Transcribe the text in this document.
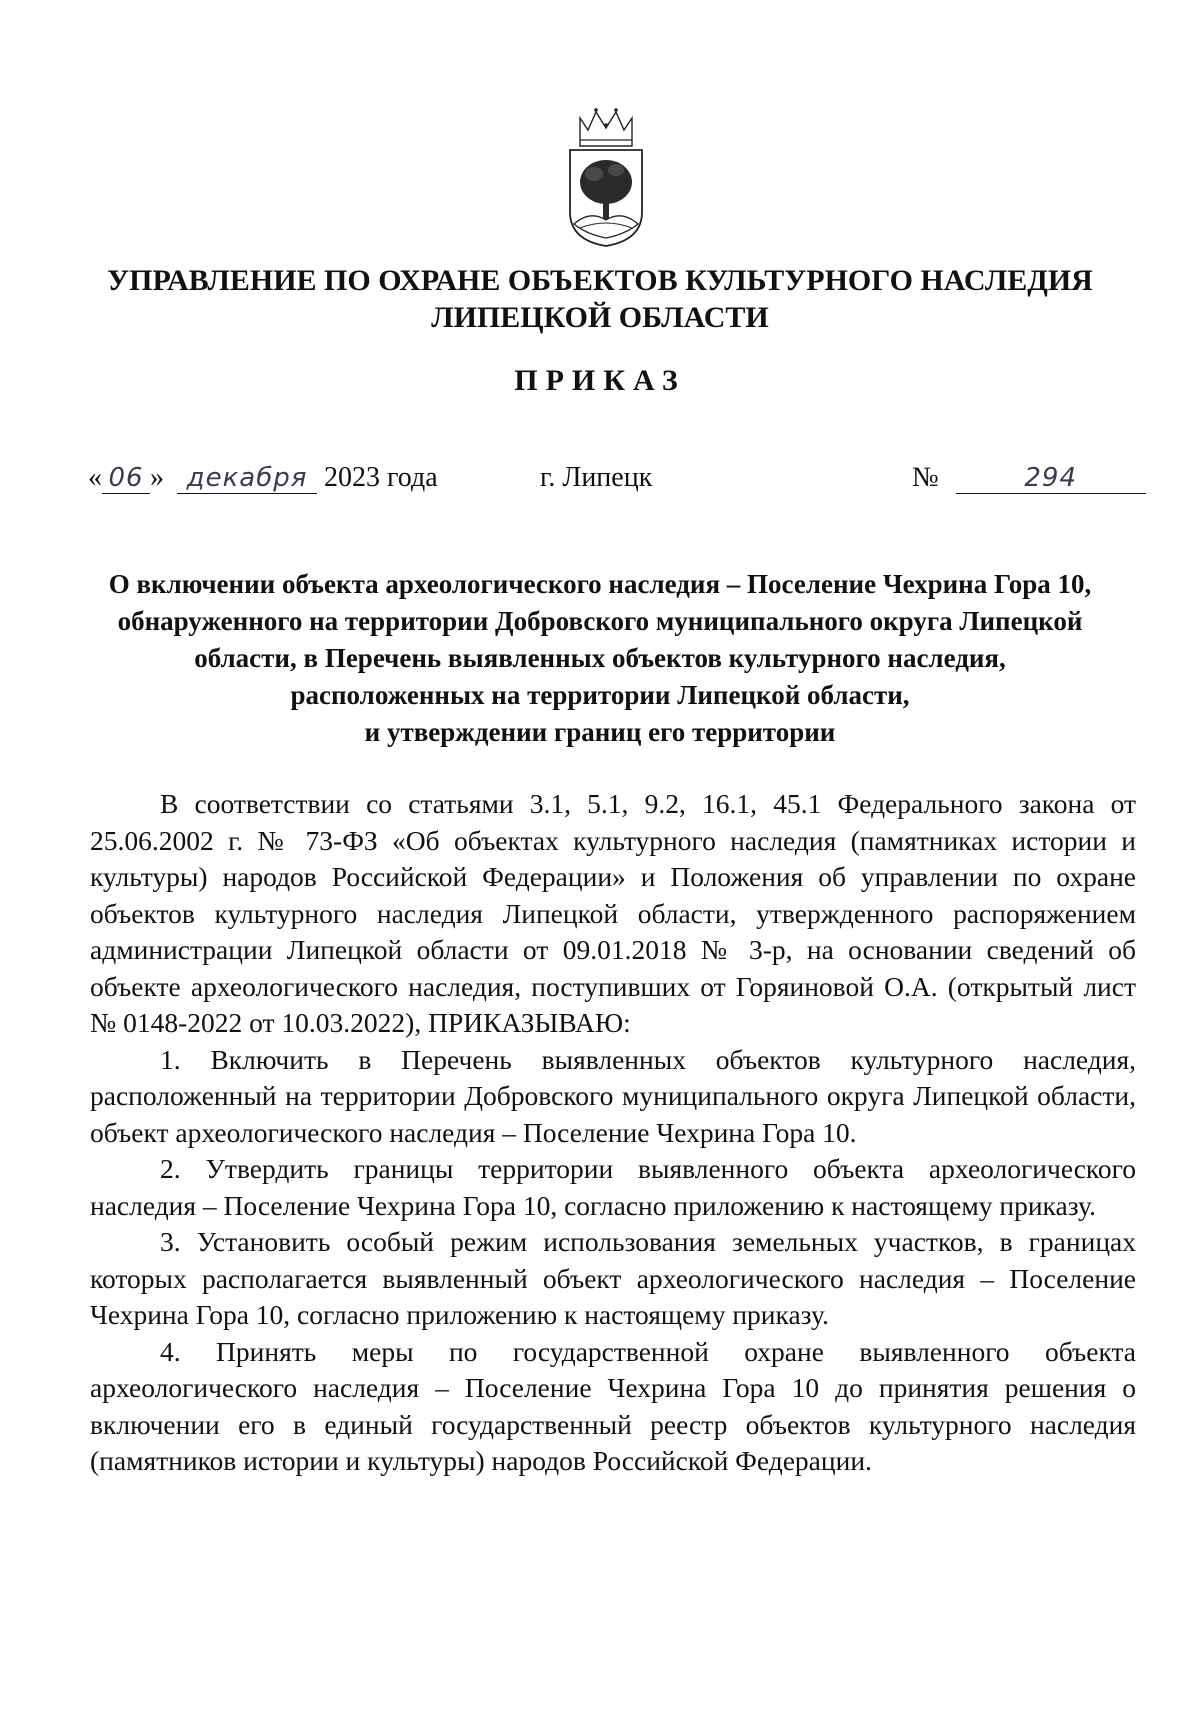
УПРАВЛЕНИЕ ПО ОХРАНЕ ОБЪЕКТОВ КУЛЬТУРНОГО НАСЛЕДИЯ
ЛИПЕЦКОЙ ОБЛАСТИ
ПРИКАЗ
« 06 » декабря 2023 года	г. Липецк	№	294
О включении объекта археологического наследия – Поселение Чехрина Гора 10,
обнаруженного на территории Добровского муниципального округа Липецкой
области, в Перечень выявленных объектов культурного наследия,
расположенных на территории Липецкой области,
и утверждении границ его территории

В соответствии со статьями 3.1, 5.1, 9.2, 16.1, 45.1 Федерального закона от 25.06.2002 г. № 73-ФЗ «Об объектах культурного наследия (памятниках истории и культуры) народов Российской Федерации» и Положения об управлении по охране объектов культурного наследия Липецкой области, утвержденного распоряжением администрации Липецкой области от 09.01.2018 № 3-р, на основании сведений об объекте археологического наследия, поступивших от Горяиновой О.А. (открытый лист № 0148-2022 от 10.03.2022), ПРИКАЗЫВАЮ:

1. Включить в Перечень выявленных объектов культурного наследия, расположенный на территории Добровского муниципального округа Липецкой области, объект археологического наследия – Поселение Чехрина Гора 10.

2. Утвердить границы территории выявленного объекта археологического наследия – Поселение Чехрина Гора 10, согласно приложению к настоящему приказу.

3. Установить особый режим использования земельных участков, в границах которых располагается выявленный объект археологического наследия – Поселение Чехрина Гора 10, согласно приложению к настоящему приказу.

4. Принять меры по государственной охране выявленного объекта археологического наследия – Поселение Чехрина Гора 10 до принятия решения о включении его в единый государственный реестр объектов культурного наследия (памятников истории и культуры) народов Российской Федерации.
